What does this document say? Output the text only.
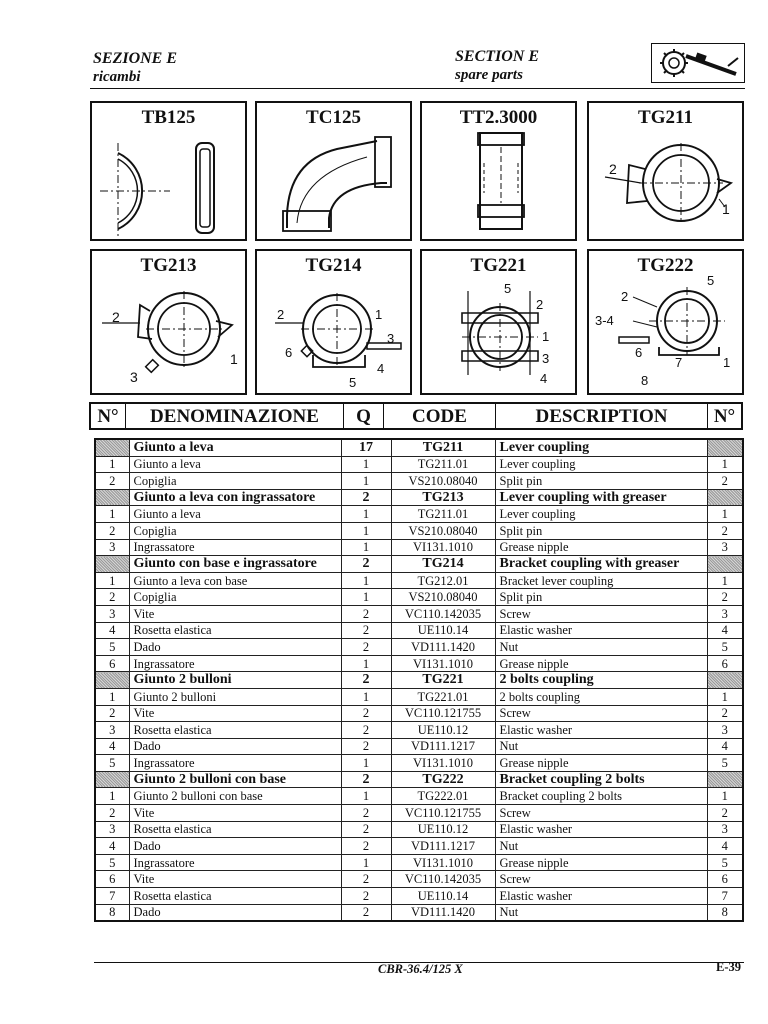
SEZIONE E
ricambi
SECTION E
spare parts
TB125	TC125	TT2.3000	TG211
2
1
TG213
2
1
3
TG214
2	1
6
3
4
5
TG221
5
2
1
3
4
TG222
5
2
3-4
6
7	1
8
N°	DENOMINAZIONE	Q	CODE	DESCRIPTION	N°
	Giunto a leva	17	TG211	Lever coupling	
1	Giunto a leva	1	TG211.01	Lever coupling	1
2	Copiglia	1	VS210.08040	Split pin	2
	Giunto a leva con ingrassatore	2	TG213	Lever coupling with greaser	
1	Giunto a leva	1	TG211.01	Lever coupling	1
2	Copiglia	1	VS210.08040	Split pin	2
3	Ingrassatore	1	VI131.1010	Grease nipple	3
	Giunto con base e ingrassatore	2	TG214	Bracket coupling with greaser	
1	Giunto a leva con base	1	TG212.01	Bracket lever coupling	1
2	Copiglia	1	VS210.08040	Split pin	2
3	Vite	2	VC110.142035	Screw	3
4	Rosetta elastica	2	UE110.14	Elastic washer	4
5	Dado	2	VD111.1420	Nut	5
6	Ingrassatore	1	VI131.1010	Grease nipple	6
	Giunto 2 bulloni	2	TG221	2 bolts coupling	
1	Giunto 2 bulloni	1	TG221.01	2 bolts coupling	1
2	Vite	2	VC110.121755	Screw	2
3	Rosetta elastica	2	UE110.12	Elastic washer	3
4	Dado	2	VD111.1217	Nut	4
5	Ingrassatore	1	VI131.1010	Grease nipple	5
	Giunto 2 bulloni con base	2	TG222	Bracket coupling 2 bolts	
1	Giunto 2 bulloni con base	1	TG222.01	Bracket coupling 2 bolts	1
2	Vite	2	VC110.121755	Screw	2
3	Rosetta elastica	2	UE110.12	Elastic washer	3
4	Dado	2	VD111.1217	Nut	4
5	Ingrassatore	1	VI131.1010	Grease nipple	5
6	Vite	2	VC110.142035	Screw	6
7	Rosetta elastica	2	UE110.14	Elastic washer	7
8	Dado	2	VD111.1420	Nut	8
CBR-36.4/125 X	E-39
